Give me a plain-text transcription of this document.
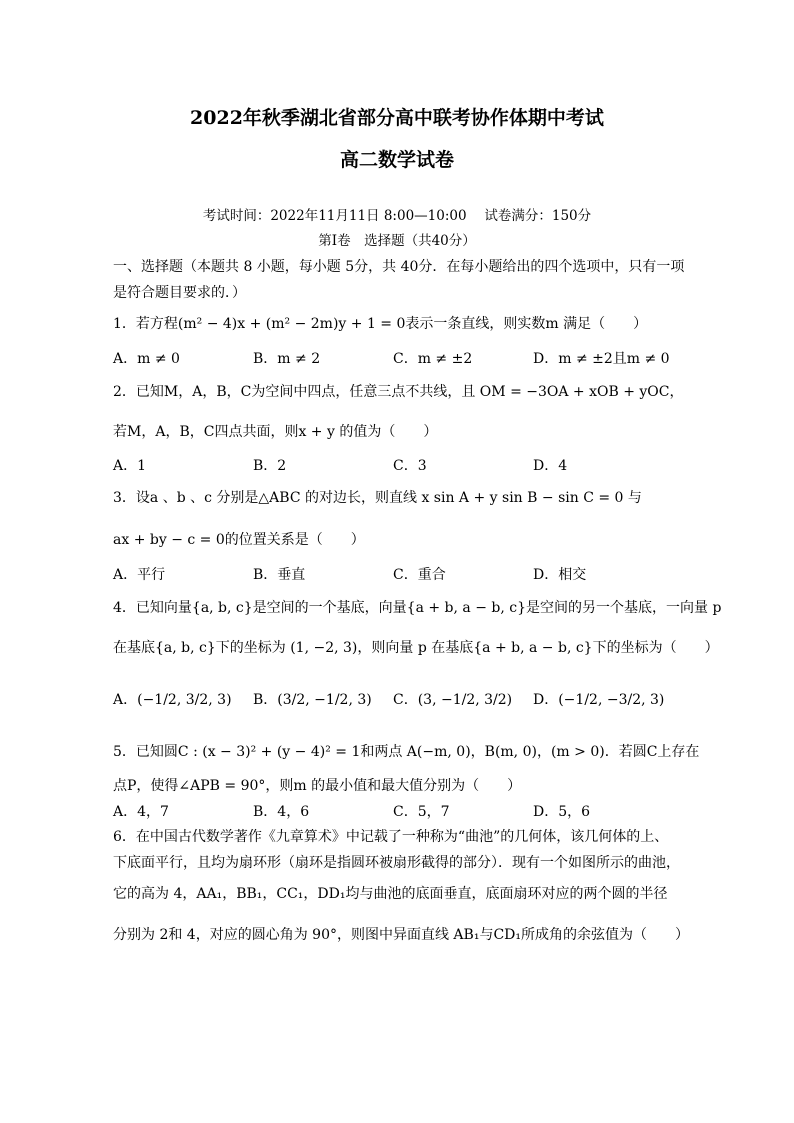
2022年秋季湖北省部分高中联考协作体期中考试
高二数学试卷
考试时间：2022年11月11日 8:00—10:00　 试卷满分：150分
第Ⅰ卷　选择题（共40分）
一、选择题（本题共 8 小题，每小题 5分，共 40分．在每小题给出的四个选项中，只有一项
是符合题目要求的．）
1．若方程(m² − 4)x + (m² − 2m)y + 1 = 0表示一条直线，则实数m 满足（　　）
A．m ≠ 0	B．m ≠ 2	C．m ≠ ±2	D．m ≠ ±2且m ≠ 0
2．已知M，A，B，C为空间中四点，任意三点不共线，且 OM = −3OA + xOB + yOC，
若M，A，B，C四点共面，则x + y 的值为（　　）
A．1	B．2	C．3	D．4
3．设a 、b 、c 分别是△ABC 的对边长，则直线 x sin A + y sin B − sin C = 0 与
ax + by − c = 0的位置关系是（　　）
A．平行	B．垂直	C．重合	D．相交
4．已知向量{a, b, c}是空间的一个基底，向量{a + b, a − b, c}是空间的另一个基底，一向量 p
在基底{a, b, c}下的坐标为 (1, −2, 3)，则向量 p 在基底{a + b, a − b, c}下的坐标为（　　）
A．(−1/2, 3/2, 3) B．(3/2, −1/2, 3) C．(3, −1/2, 3/2) D．(−1/2, −3/2, 3)
5．已知圆C : (x − 3)² + (y − 4)² = 1和两点 A(−m, 0)，B(m, 0)，(m > 0)．若圆C上存在
点P，使得∠APB = 90°，则m 的最小值和最大值分别为（　　）
A．4，7	B．4，6	C．5，7	D．5，6
6．在中国古代数学著作《九章算术》中记载了一种称为“曲池”的几何体，该几何体的上、
下底面平行，且均为扇环形（扇环是指圆环被扇形截得的部分）．现有一个如图所示的曲池，
它的高为 4，AA₁，BB₁，CC₁，DD₁均与曲池的底面垂直，底面扇环对应的两个圆的半径
分别为 2和 4，对应的圆心角为 90°，则图中异面直线 AB₁与CD₁所成角的余弦值为（　　）
